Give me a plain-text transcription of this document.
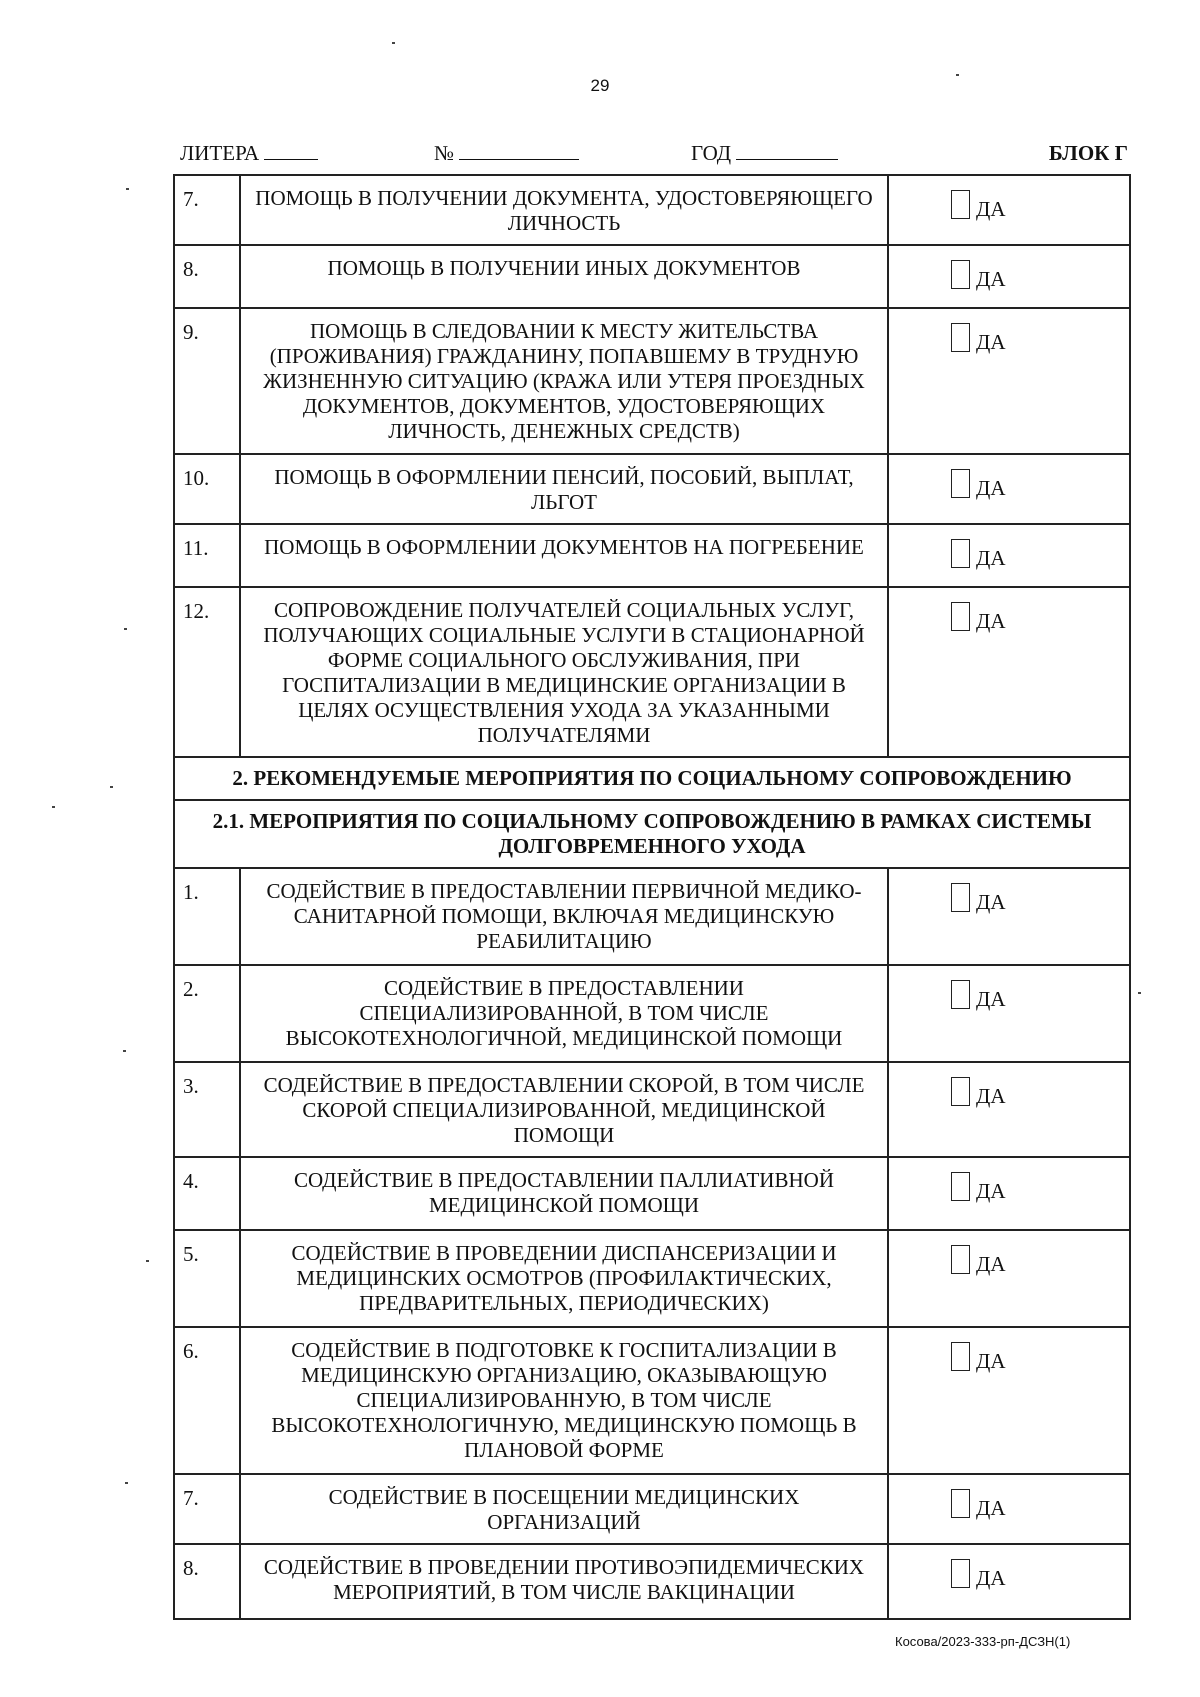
29
ЛИТЕРА	№	ГОД	БЛОК Г
7.	ПОМОЩЬ В ПОЛУЧЕНИИ ДОКУМЕНТА, УДОСТОВЕРЯЮЩЕГО ЛИЧНОСТЬ	ДА
8.	ПОМОЩЬ В ПОЛУЧЕНИИ ИНЫХ ДОКУМЕНТОВ	ДА
9.	ПОМОЩЬ В СЛЕДОВАНИИ К МЕСТУ ЖИТЕЛЬСТВА (ПРОЖИВАНИЯ) ГРАЖДАНИНУ, ПОПАВШЕМУ В ТРУДНУЮ ЖИЗНЕННУЮ СИТУАЦИЮ (КРАЖА ИЛИ УТЕРЯ ПРОЕЗДНЫХ ДОКУМЕНТОВ, ДОКУМЕНТОВ, УДОСТОВЕРЯЮЩИХ ЛИЧНОСТЬ, ДЕНЕЖНЫХ СРЕДСТВ)	ДА
10.	ПОМОЩЬ В ОФОРМЛЕНИИ ПЕНСИЙ, ПОСОБИЙ, ВЫПЛАТ, ЛЬГОТ	ДА
11.	ПОМОЩЬ В ОФОРМЛЕНИИ ДОКУМЕНТОВ НА ПОГРЕБЕНИЕ	ДА
12.	СОПРОВОЖДЕНИЕ ПОЛУЧАТЕЛЕЙ СОЦИАЛЬНЫХ УСЛУГ, ПОЛУЧАЮЩИХ СОЦИАЛЬНЫЕ УСЛУГИ В СТАЦИОНАРНОЙ ФОРМЕ СОЦИАЛЬНОГО ОБСЛУЖИВАНИЯ, ПРИ ГОСПИТАЛИЗАЦИИ В МЕДИЦИНСКИЕ ОРГАНИЗАЦИИ В ЦЕЛЯХ ОСУЩЕСТВЛЕНИЯ УХОДА ЗА УКАЗАННЫМИ ПОЛУЧАТЕЛЯМИ	ДА
2. РЕКОМЕНДУЕМЫЕ МЕРОПРИЯТИЯ ПО СОЦИАЛЬНОМУ СОПРОВОЖДЕНИЮ		
2.1. МЕРОПРИЯТИЯ ПО СОЦИАЛЬНОМУ СОПРОВОЖДЕНИЮ В РАМКАХ СИСТЕМЫ ДОЛГОВРЕМЕННОГО УХОДА		
1.	СОДЕЙСТВИЕ В ПРЕДОСТАВЛЕНИИ ПЕРВИЧНОЙ МЕДИКО-САНИТАРНОЙ ПОМОЩИ, ВКЛЮЧАЯ МЕДИЦИНСКУЮ РЕАБИЛИТАЦИЮ	ДА
2.	СОДЕЙСТВИЕ В ПРЕДОСТАВЛЕНИИ СПЕЦИАЛИЗИРОВАННОЙ, В ТОМ ЧИСЛЕ ВЫСОКОТЕХНОЛОГИЧНОЙ, МЕДИЦИНСКОЙ ПОМОЩИ	ДА
3.	СОДЕЙСТВИЕ В ПРЕДОСТАВЛЕНИИ СКОРОЙ, В ТОМ ЧИСЛЕ СКОРОЙ СПЕЦИАЛИЗИРОВАННОЙ, МЕДИЦИНСКОЙ ПОМОЩИ	ДА
4.	СОДЕЙСТВИЕ В ПРЕДОСТАВЛЕНИИ ПАЛЛИАТИВНОЙ МЕДИЦИНСКОЙ ПОМОЩИ	ДА
5.	СОДЕЙСТВИЕ В ПРОВЕДЕНИИ ДИСПАНСЕРИЗАЦИИ И МЕДИЦИНСКИХ ОСМОТРОВ (ПРОФИЛАКТИЧЕСКИХ, ПРЕДВАРИТЕЛЬНЫХ, ПЕРИОДИЧЕСКИХ)	ДА
6.	СОДЕЙСТВИЕ В ПОДГОТОВКЕ К ГОСПИТАЛИЗАЦИИ В МЕДИЦИНСКУЮ ОРГАНИЗАЦИЮ, ОКАЗЫВАЮЩУЮ СПЕЦИАЛИЗИРОВАННУЮ, В ТОМ ЧИСЛЕ ВЫСОКОТЕХНОЛОГИЧНУЮ, МЕДИЦИНСКУЮ ПОМОЩЬ В ПЛАНОВОЙ ФОРМЕ	ДА
7.	СОДЕЙСТВИЕ В ПОСЕЩЕНИИ МЕДИЦИНСКИХ ОРГАНИЗАЦИЙ	ДА
8.	СОДЕЙСТВИЕ В ПРОВЕДЕНИИ ПРОТИВОЭПИДЕМИЧЕСКИХ МЕРОПРИЯТИЙ, В ТОМ ЧИСЛЕ ВАКЦИНАЦИИ	ДА
Косова/2023-333-рп-ДСЗН(1)
